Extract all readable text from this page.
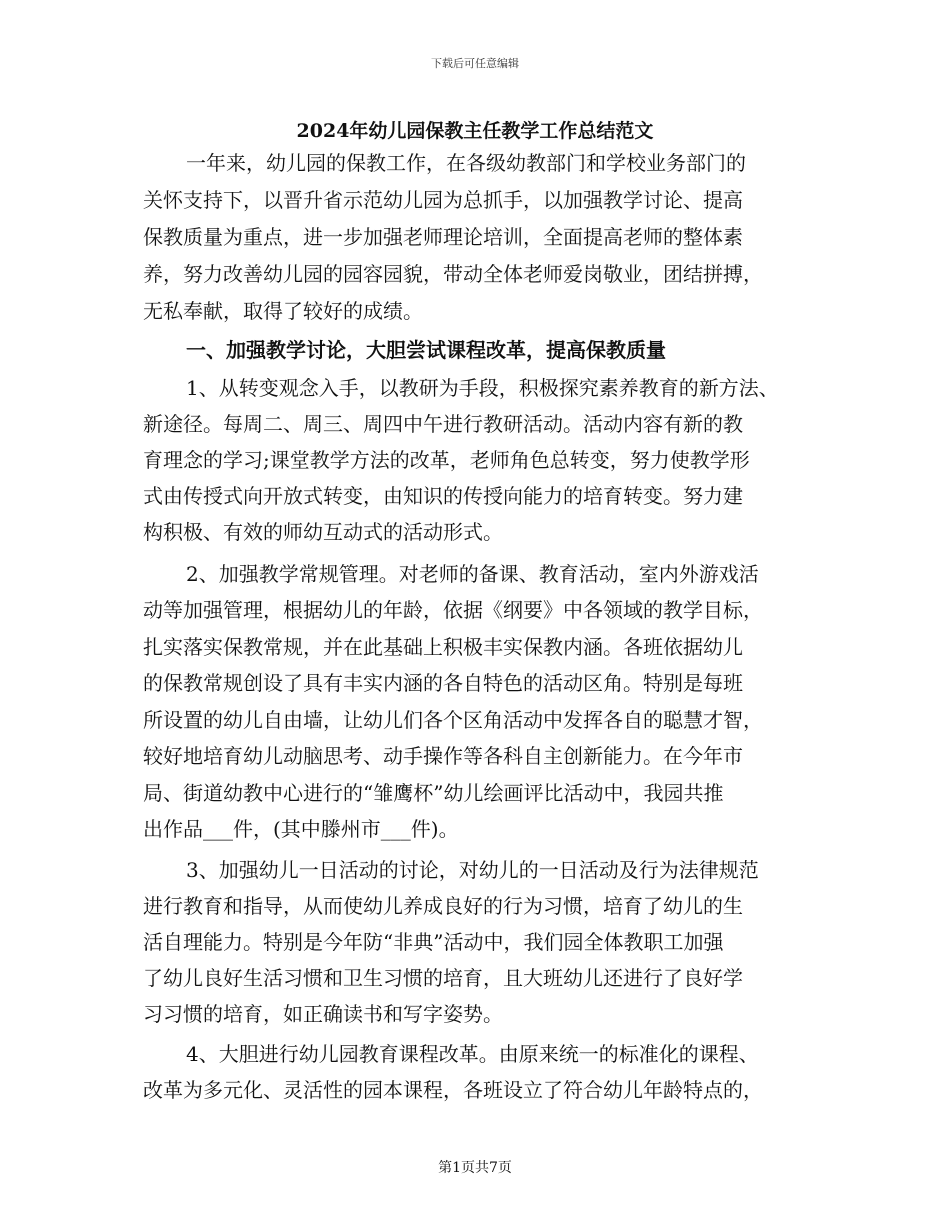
下载后可任意编辑
2024年幼儿园保教主任教学工作总结范文
一年来，幼儿园的保教工作，在各级幼教部门和学校业务部门的
关怀支持下，以晋升省示范幼儿园为总抓手，以加强教学讨论、提高
保教质量为重点，进一步加强老师理论培训，全面提高老师的整体素
养，努力改善幼儿园的园容园貌，带动全体老师爱岗敬业，团结拼搏，
无私奉献，取得了较好的成绩。
一、加强教学讨论，大胆尝试课程改革，提高保教质量
1、从转变观念入手，以教研为手段，积极探究素养教育的新方法、
新途径。每周二、周三、周四中午进行教研活动。活动内容有新的教
育理念的学习;课堂教学方法的改革，老师角色总转变，努力使教学形
式由传授式向开放式转变，由知识的传授向能力的培育转变。努力建
构积极、有效的师幼互动式的活动形式。
2、加强教学常规管理。对老师的备课、教育活动，室内外游戏活
动等加强管理，根据幼儿的年龄，依据《纲要》中各领域的教学目标，
扎实落实保教常规，并在此基础上积极丰实保教内涵。各班依据幼儿
的保教常规创设了具有丰实内涵的各自特色的活动区角。特别是每班
所设置的幼儿自由墙，让幼儿们各个区角活动中发挥各自的聪慧才智，
较好地培育幼儿动脑思考、动手操作等各科自主创新能力。在今年市
局、街道幼教中心进行的“雏鹰杯”幼儿绘画评比活动中，我园共推
出作品___件，(其中滕州市___件)。
3、加强幼儿一日活动的讨论，对幼儿的一日活动及行为法律规范
进行教育和指导，从而使幼儿养成良好的行为习惯，培育了幼儿的生
活自理能力。特别是今年防“非典”活动中，我们园全体教职工加强
了幼儿良好生活习惯和卫生习惯的培育，且大班幼儿还进行了良好学
习习惯的培育，如正确读书和写字姿势。
4、大胆进行幼儿园教育课程改革。由原来统一的标准化的课程、
改革为多元化、灵活性的园本课程，各班设立了符合幼儿年龄特点的，
第1页共7页
